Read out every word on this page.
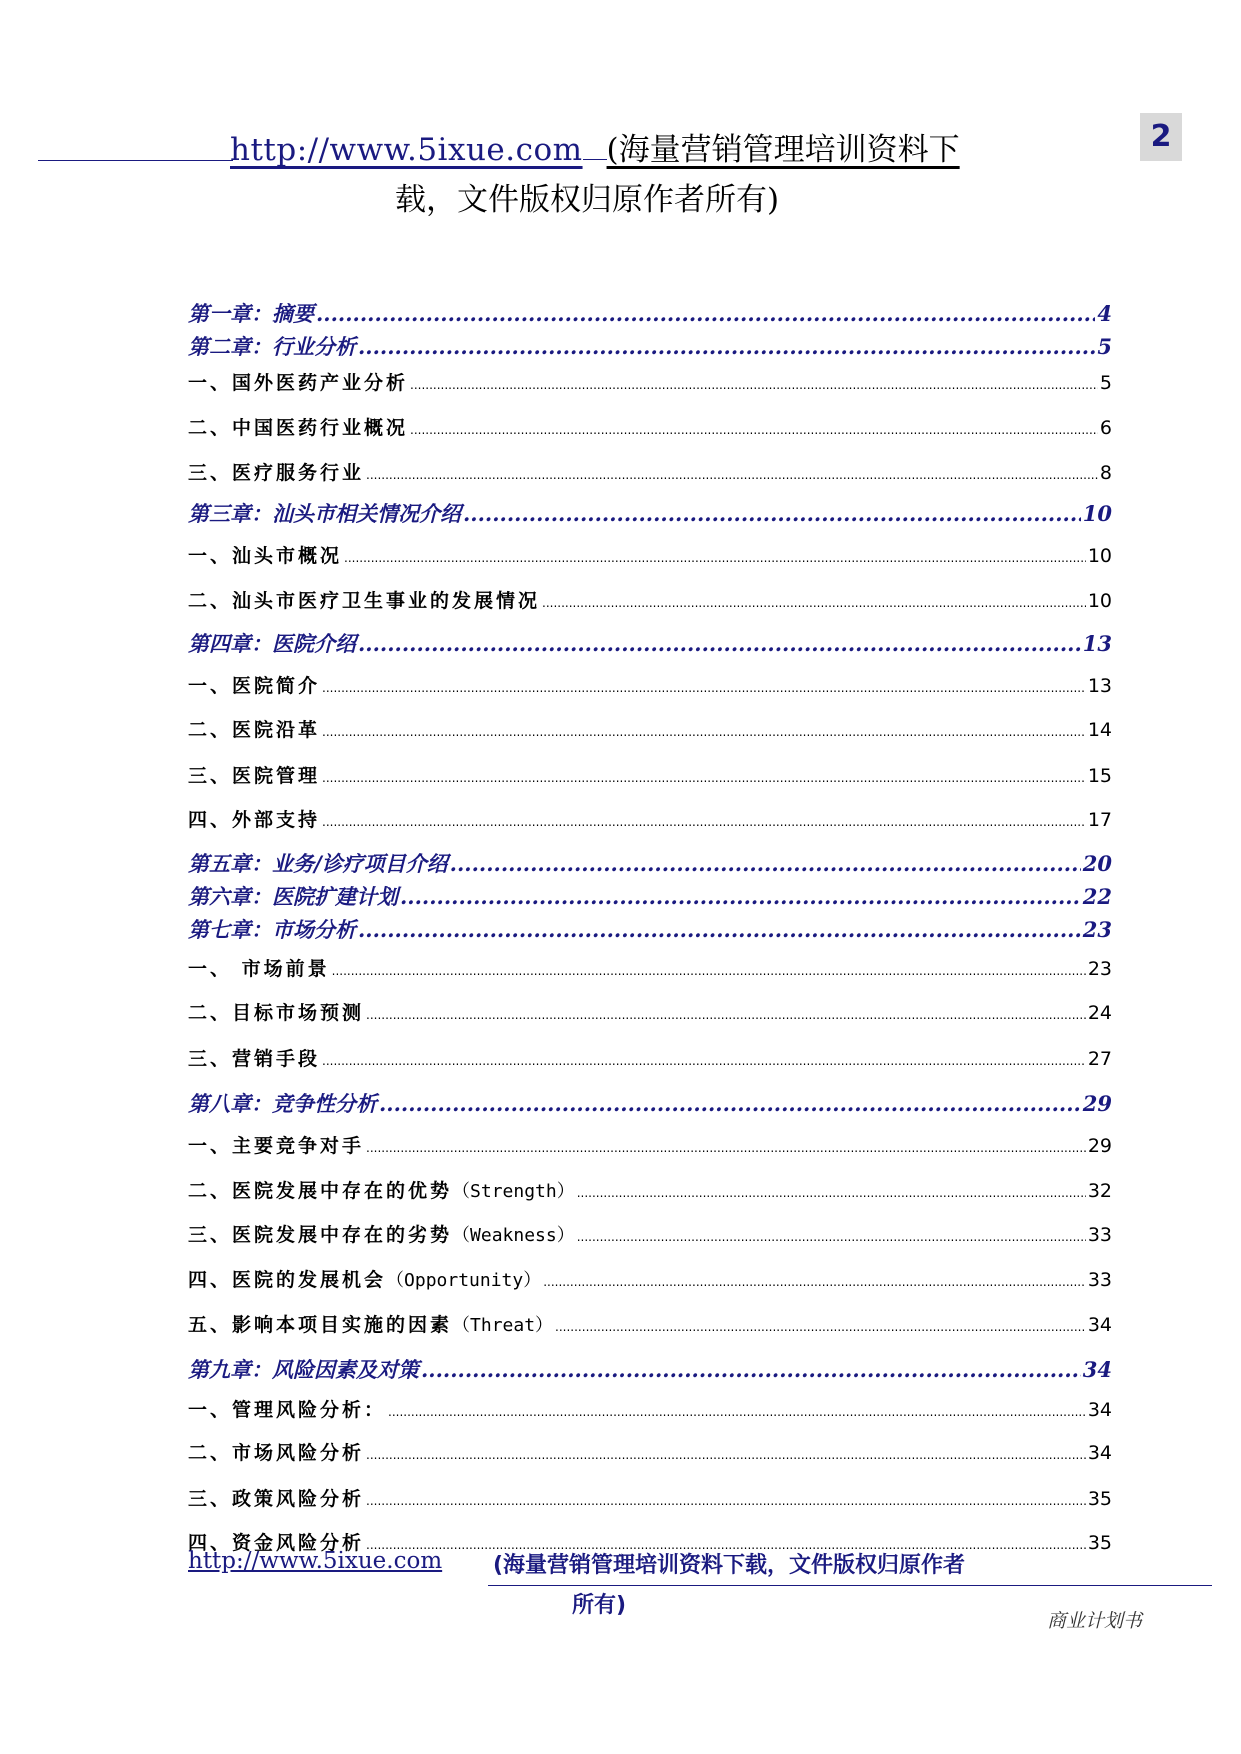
http://www.5ixue.com (海量营销管理培训资料下
载，文件版权归原作者所有)
2
第一章：摘要 .....	4
第二章：行业分析 .....	5
一、国外医药产业分析 .....	5
二、中国医药行业概况 .....	6
三、医疗服务行业 .....	8
第三章：汕头市相关情况介绍 .....	10
一、汕头市概况 .....	10
二、汕头市医疗卫生事业的发展情况 .....	10
第四章：医院介绍 .....	13
一、医院简介 .....	13
二、医院沿革 .....	14
三、医院管理 .....	15
四、外部支持 .....	17
第五章：业务/诊疗项目介绍 .....	20
第六章：医院扩建计划 .....	22
第七章：市场分析 .....	23
一、 市场前景 .....	23
二、目标市场预测 .....	24
三、营销手段 .....	27
第八章：竞争性分析 .....	29
一、主要竞争对手 .....	29
二、医院发展中存在的优势 （Strength） .....	32
三、医院发展中存在的劣势 （Weakness） .....	33
四、医院的发展机会 （Opportunity） .....	33
五、影响本项目实施的因素 （Threat） .....	34
第九章：风险因素及对策 .....	34
一、管理风险分析： .....	34
二、市场风险分析 .....	34
三、政策风险分析 .....	35
四、资金风险分析 .....	35
http://www.5ixue.com (海量营销管理培训资料下载，文件版权归原作者
所有)
商业计划书
